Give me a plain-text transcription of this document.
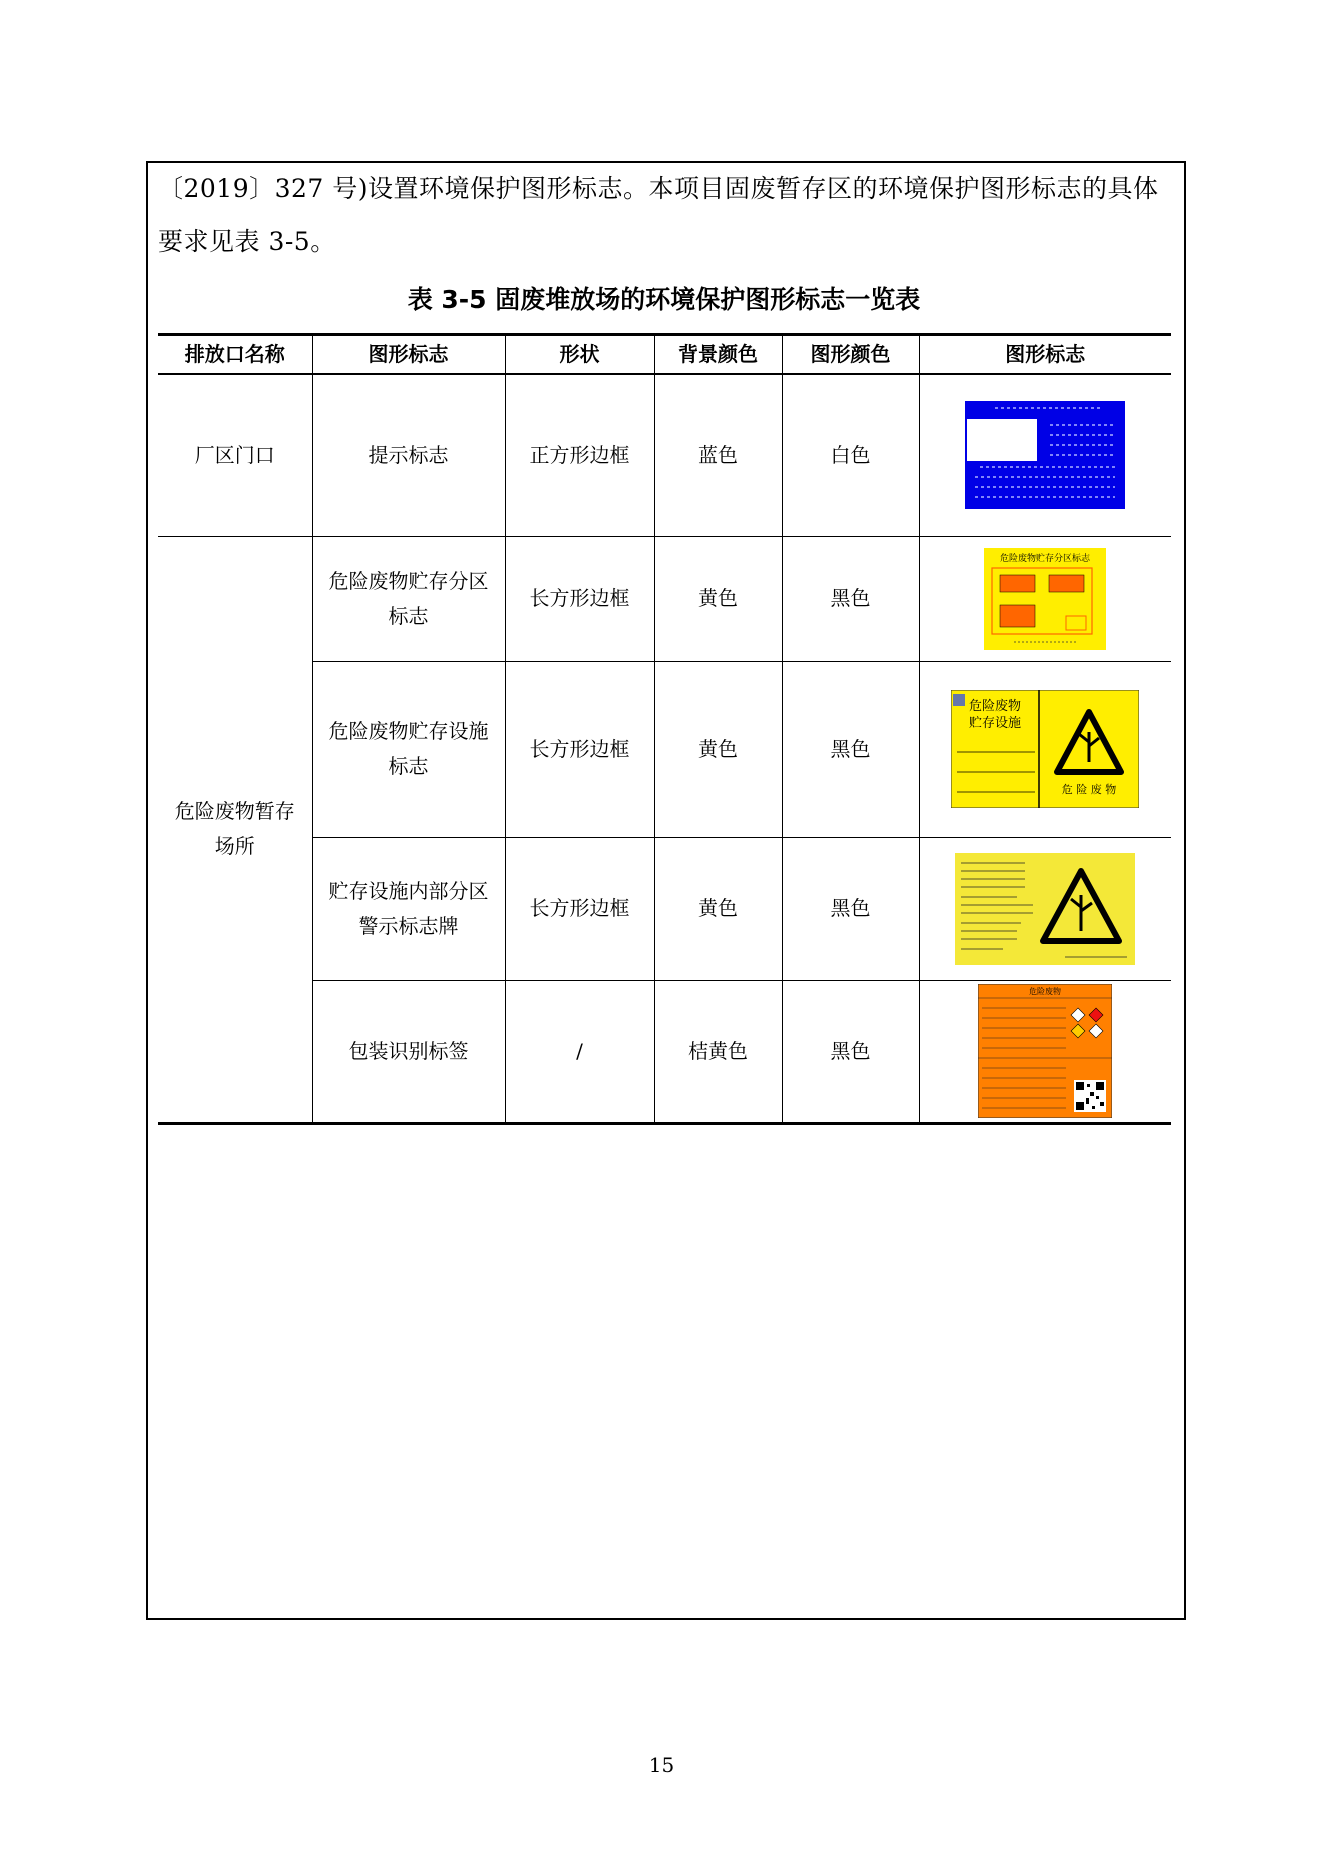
〔2019〕327 号)设置环境保护图形标志。本项目固废暂存区的环境保护图形标志的具体要求见表 3-5。
表 3-5 固废堆放场的环境保护图形标志一览表
排放口名称	图形标志	形状	背景颜色	图形颜色	图形标志
厂区门口	提示标志	正方形边框	蓝色	白色	

危险废物暂存场所	危险废物贮存分区标志	长方形边框	黄色	黑色	危险废物贮存分区标志

	危险废物贮存设施标志	长方形边框	黄色	黑色	危险废物
贮存设施
危 险 废 物

	贮存设施内部分区警示标志牌	长方形边框	黄色	黑色	

	包装识别标签	/	桔黄色	黑色	危险废物
15
